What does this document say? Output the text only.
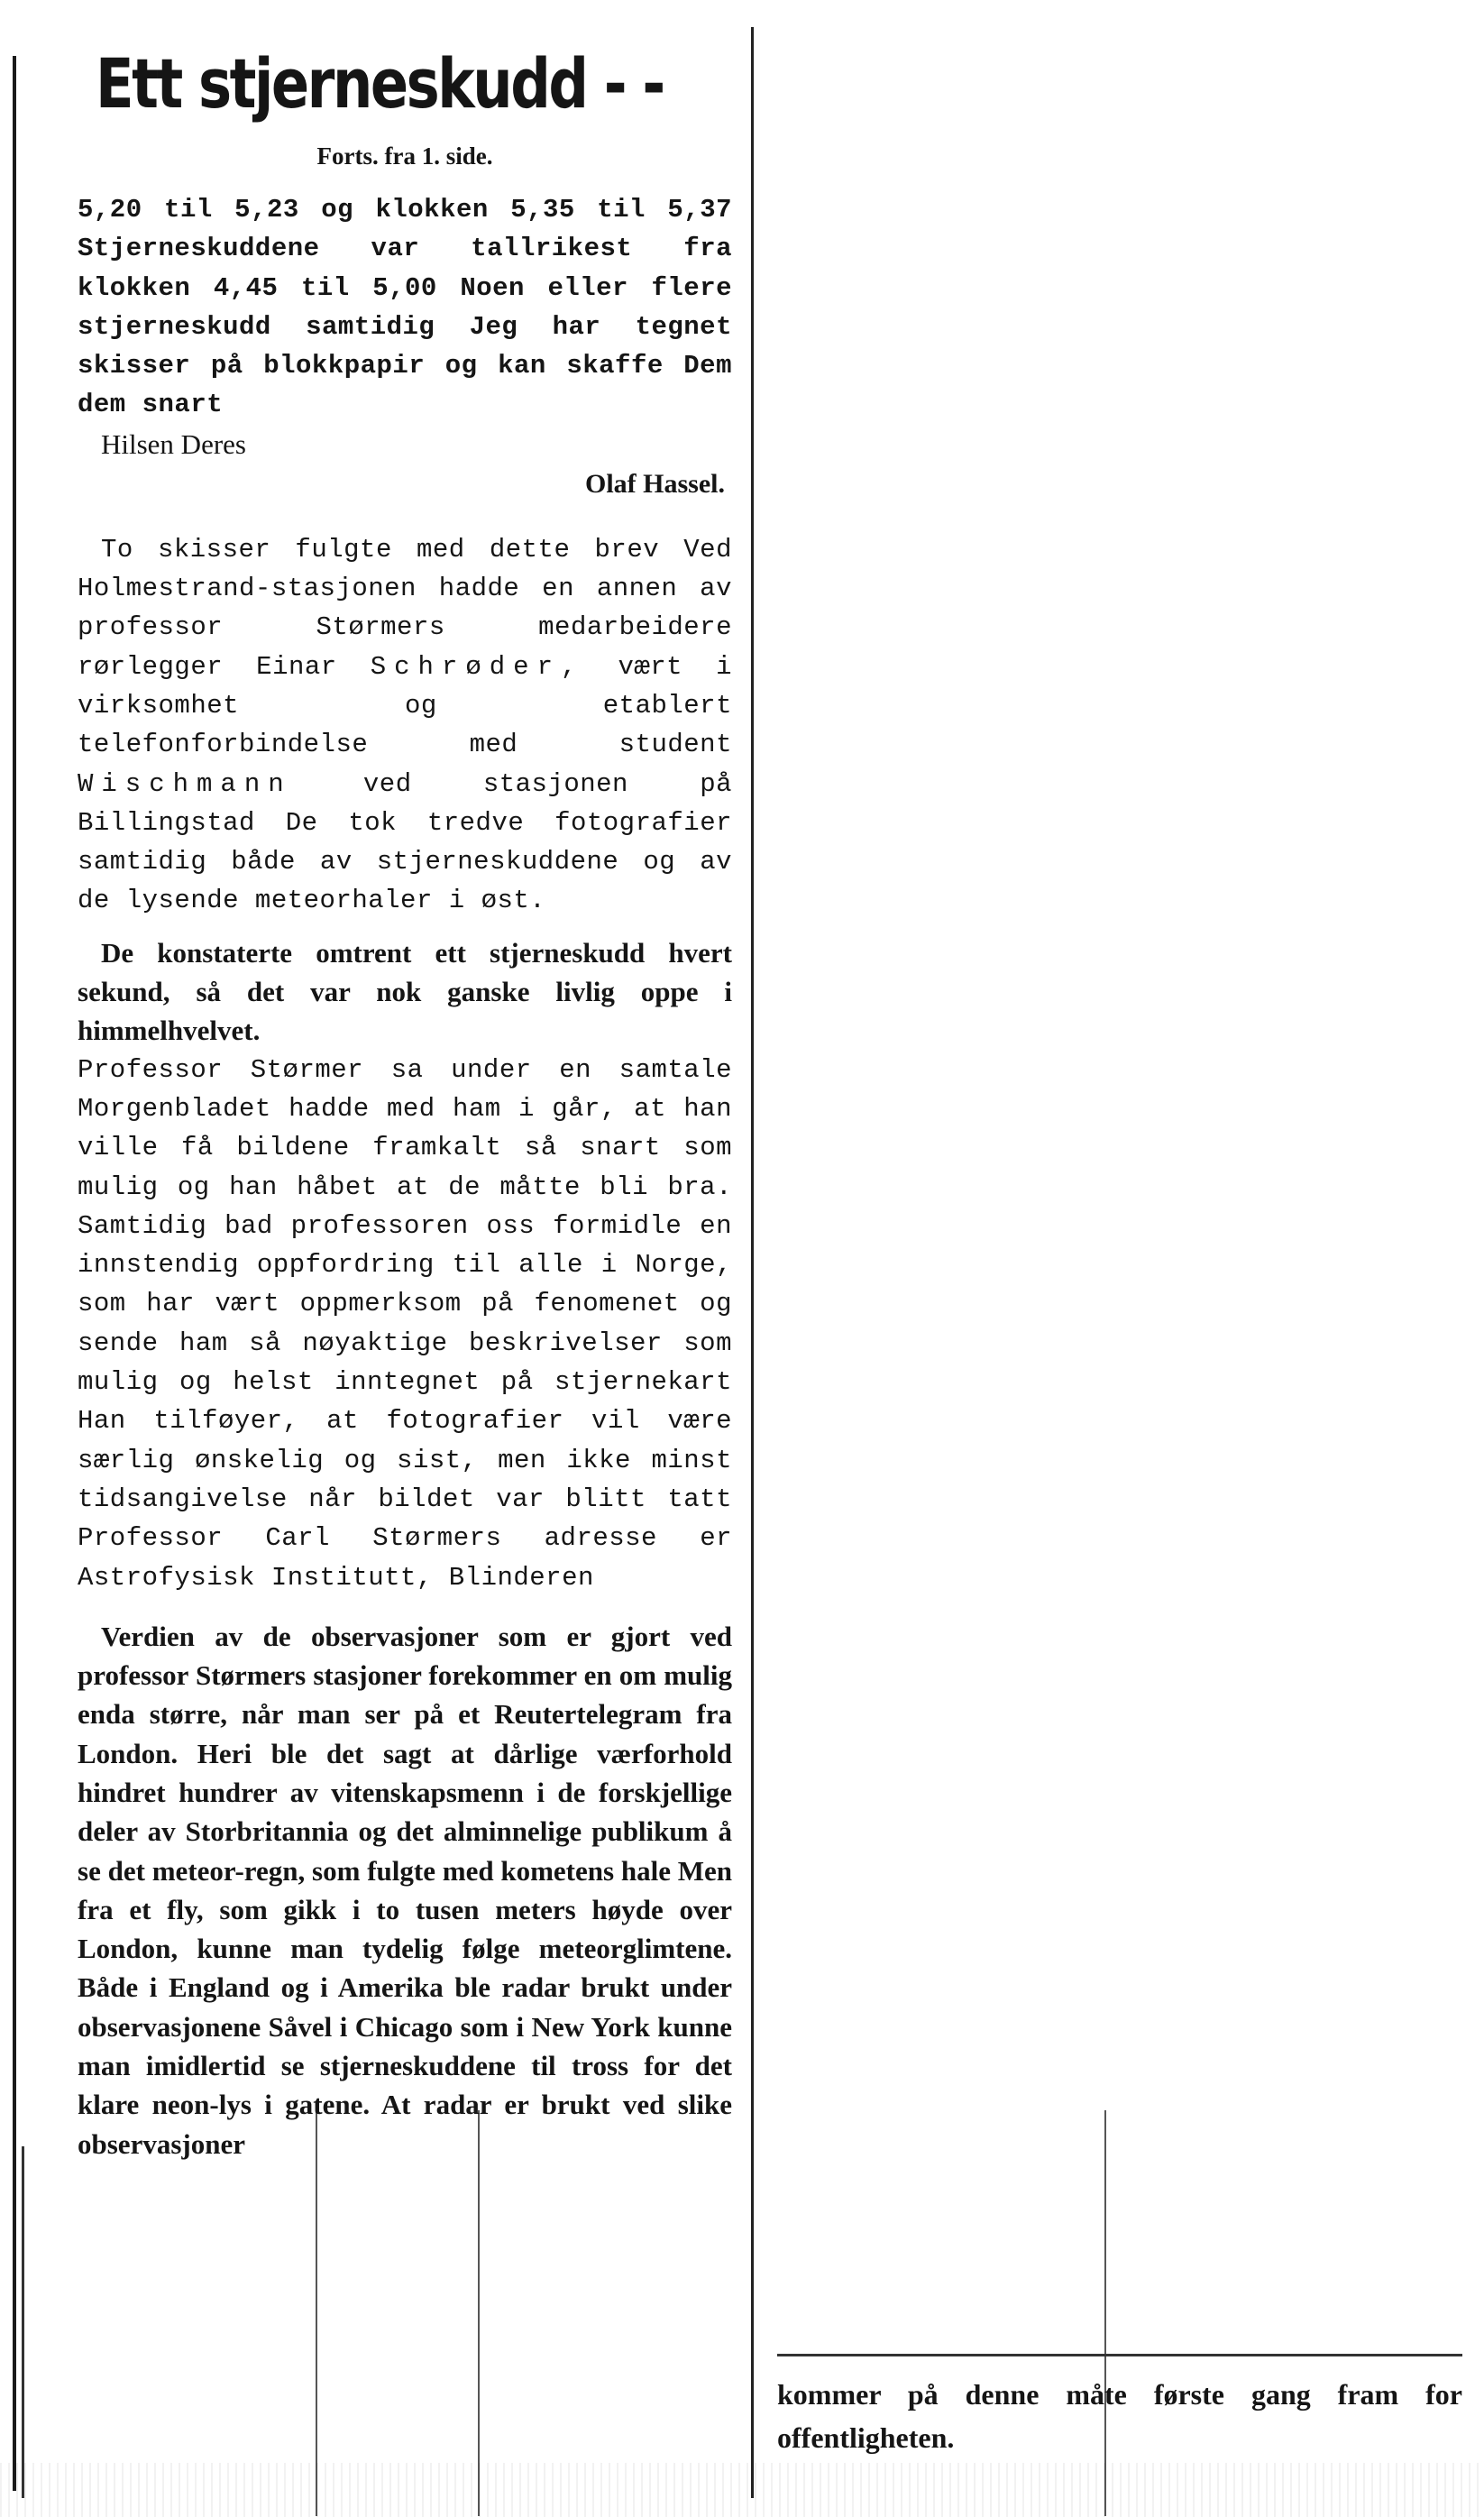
Ett stjerneskudd - -
Forts. fra 1. side.

5,20 til 5,23 og klokken 5,35 til 5,37 Stjerneskuddene var tallrikest fra klokken 4,45 til 5,00 Noen eller flere stjerneskudd samtidig Jeg har tegnet skisser på blokkpapir og kan skaffe Dem dem snart

Hilsen Deres

Olaf Hassel.

To skisser fulgte med dette brev Ved Holmestrand-stasjonen hadde en annen av professor Størmers medarbeidere rørlegger Einar Schrøder, vært i virksomhet og etablert telefonforbindelse med student Wischmann	ved stasjonen på Billingstad De tok tredve fotografier samtidig både av stjerneskuddene og av de lysende meteorhaler i øst.

De konstaterte omtrent ett stjerneskudd hvert sekund, så det var nok ganske livlig oppe i himmelhvelvet.

Professor Størmer sa under en samtale Morgenbladet hadde med ham i går, at han ville få bildene framkalt så snart som mulig og han håbet at de måtte bli bra. Samtidig bad professoren oss formidle en innstendig oppfordring til alle i Norge, som har vært oppmerksom på fenomenet og sende ham så nøyaktige beskrivelser som mulig og helst inntegnet på stjernekart Han tilføyer, at fotografier vil være særlig ønskelig og sist, men ikke minst tidsangivelse når bildet var blitt tatt Professor Carl Størmers adresse er Astrofysisk Institutt, Blinderen

Verdien av de observasjoner som er gjort ved professor Størmers stasjoner forekommer en om mulig enda større, når man ser på et Reutertelegram fra London. Heri ble det sagt at dårlige værforhold hindret hundrer av vitenskapsmenn i de forskjellige deler av Storbritannia og det alminnelige publikum å se det meteor-regn, som fulgte med kometens hale Men fra et fly, som gikk i to tusen meters høyde over London, kunne man tydelig følge meteorglimtene. Både i England og i Amerika ble radar brukt under observasjonene Såvel i Chicago som i New York kunne man imidlertid se stjerneskuddene til tross for det klare neon-lys i gatene. At radar er brukt ved slike observasjoner

kommer på denne måte første gang fram for offentligheten.
